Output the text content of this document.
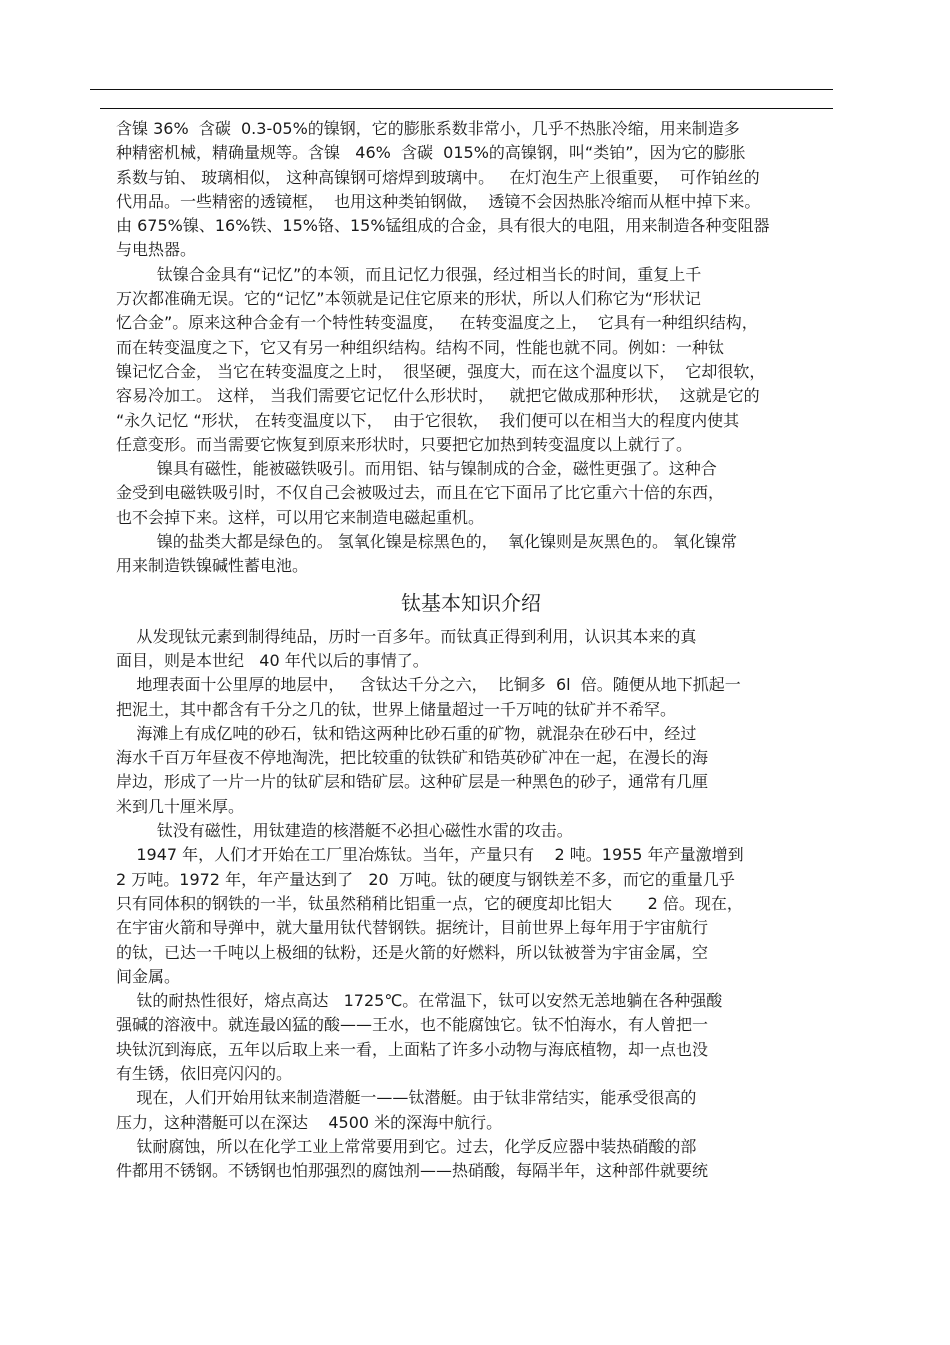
含镍 36%  含碳  0.3-05%的镍钢，它的膨胀系数非常小，几乎不热胀冷缩，用来制造多
种精密机械，精确量规等。含镍   46%  含碳  015%的高镍钢，叫“类铂”，因为它的膨胀
系数与铂、 玻璃相似， 这种高镍钢可熔焊到玻璃中。   在灯泡生产上很重要，  可作铂丝的
代用品。一些精密的透镜框，  也用这种类铂钢做，  透镜不会因热胀冷缩而从框中掉下来。
由 675%镍、16%铁、15%铬、15%锰组成的合金，具有很大的电阻，用来制造各种变阻器
与电热器。
钛镍合金具有“记忆”的本领，而且记忆力很强，经过相当长的时间，重复上千
万次都准确无误。它的“记忆”本领就是记住它原来的形状，所以人们称它为“形状记
忆合金”。原来这种合金有一个特性转变温度，   在转变温度之上，  它具有一种组织结构，
而在转变温度之下，它又有另一种组织结构。结构不同，性能也就不同。例如：一种钛
镍记忆合金， 当它在转变温度之上时，  很坚硬，强度大，而在这个温度以下，  它却很软，
容易冷加工。 这样， 当我们需要它记忆什么形状时，   就把它做成那种形状，  这就是它的
“永久记忆 “形状， 在转变温度以下，  由于它很软，  我们便可以在相当大的程度内使其
任意变形。而当需要它恢复到原来形状时，只要把它加热到转变温度以上就行了。
镍具有磁性，能被磁铁吸引。而用铝、钴与镍制成的合金，磁性更强了。这种合
金受到电磁铁吸引时，不仅自己会被吸过去，而且在它下面吊了比它重六十倍的东西，
也不会掉下来。这样，可以用它来制造电磁起重机。
镍的盐类大都是绿色的。 氢氧化镍是棕黑色的，  氧化镍则是灰黑色的。 氧化镍常
用来制造铁镍碱性蓄电池。
钛基本知识介绍
从发现钛元素到制得纯品，历时一百多年。而钛真正得到利用，认识其本来的真
面目，则是本世纪   40 年代以后的事情了。
地理表面十公里厚的地层中，   含钛达千分之六，  比铜多  6l  倍。随便从地下抓起一
把泥土，其中都含有千分之几的钛，世界上储量超过一千万吨的钛矿并不希罕。
海滩上有成亿吨的砂石，钛和锆这两种比砂石重的矿物，就混杂在砂石中，经过
海水千百万年昼夜不停地淘洗，把比较重的钛铁矿和锆英砂矿冲在一起，在漫长的海
岸边，形成了一片一片的钛矿层和锆矿层。这种矿层是一种黑色的砂子，通常有几厘
米到几十厘米厚。
钛没有磁性，用钛建造的核潜艇不必担心磁性水雷的攻击。
1947 年，人们才开始在工厂里冶炼钛。当年，产量只有    2 吨。1955 年产量激增到
2 万吨。1972 年，年产量达到了   20  万吨。钛的硬度与钢铁差不多，而它的重量几乎
只有同体积的钢铁的一半，钛虽然稍稍比铝重一点，它的硬度却比铝大       2 倍。现在，
在宇宙火箭和导弹中，就大量用钛代替钢铁。据统计，目前世界上每年用于宇宙航行
的钛，已达一千吨以上极细的钛粉，还是火箭的好燃料，所以钛被誉为宇宙金属，空
间金属。
钛的耐热性很好，熔点高达   1725℃。在常温下，钛可以安然无恙地躺在各种强酸
强碱的溶液中。就连最凶猛的酸——王水，也不能腐蚀它。钛不怕海水，有人曾把一
块钛沉到海底，五年以后取上来一看，上面粘了许多小动物与海底植物，却一点也没
有生锈，依旧亮闪闪的。
现在，人们开始用钛来制造潜艇一——钛潜艇。由于钛非常结实，能承受很高的
压力，这种潜艇可以在深达    4500 米的深海中航行。
钛耐腐蚀，所以在化学工业上常常要用到它。过去，化学反应器中装热硝酸的部
件都用不锈钢。不锈钢也怕那强烈的腐蚀剂——热硝酸，每隔半年，这种部件就要统
